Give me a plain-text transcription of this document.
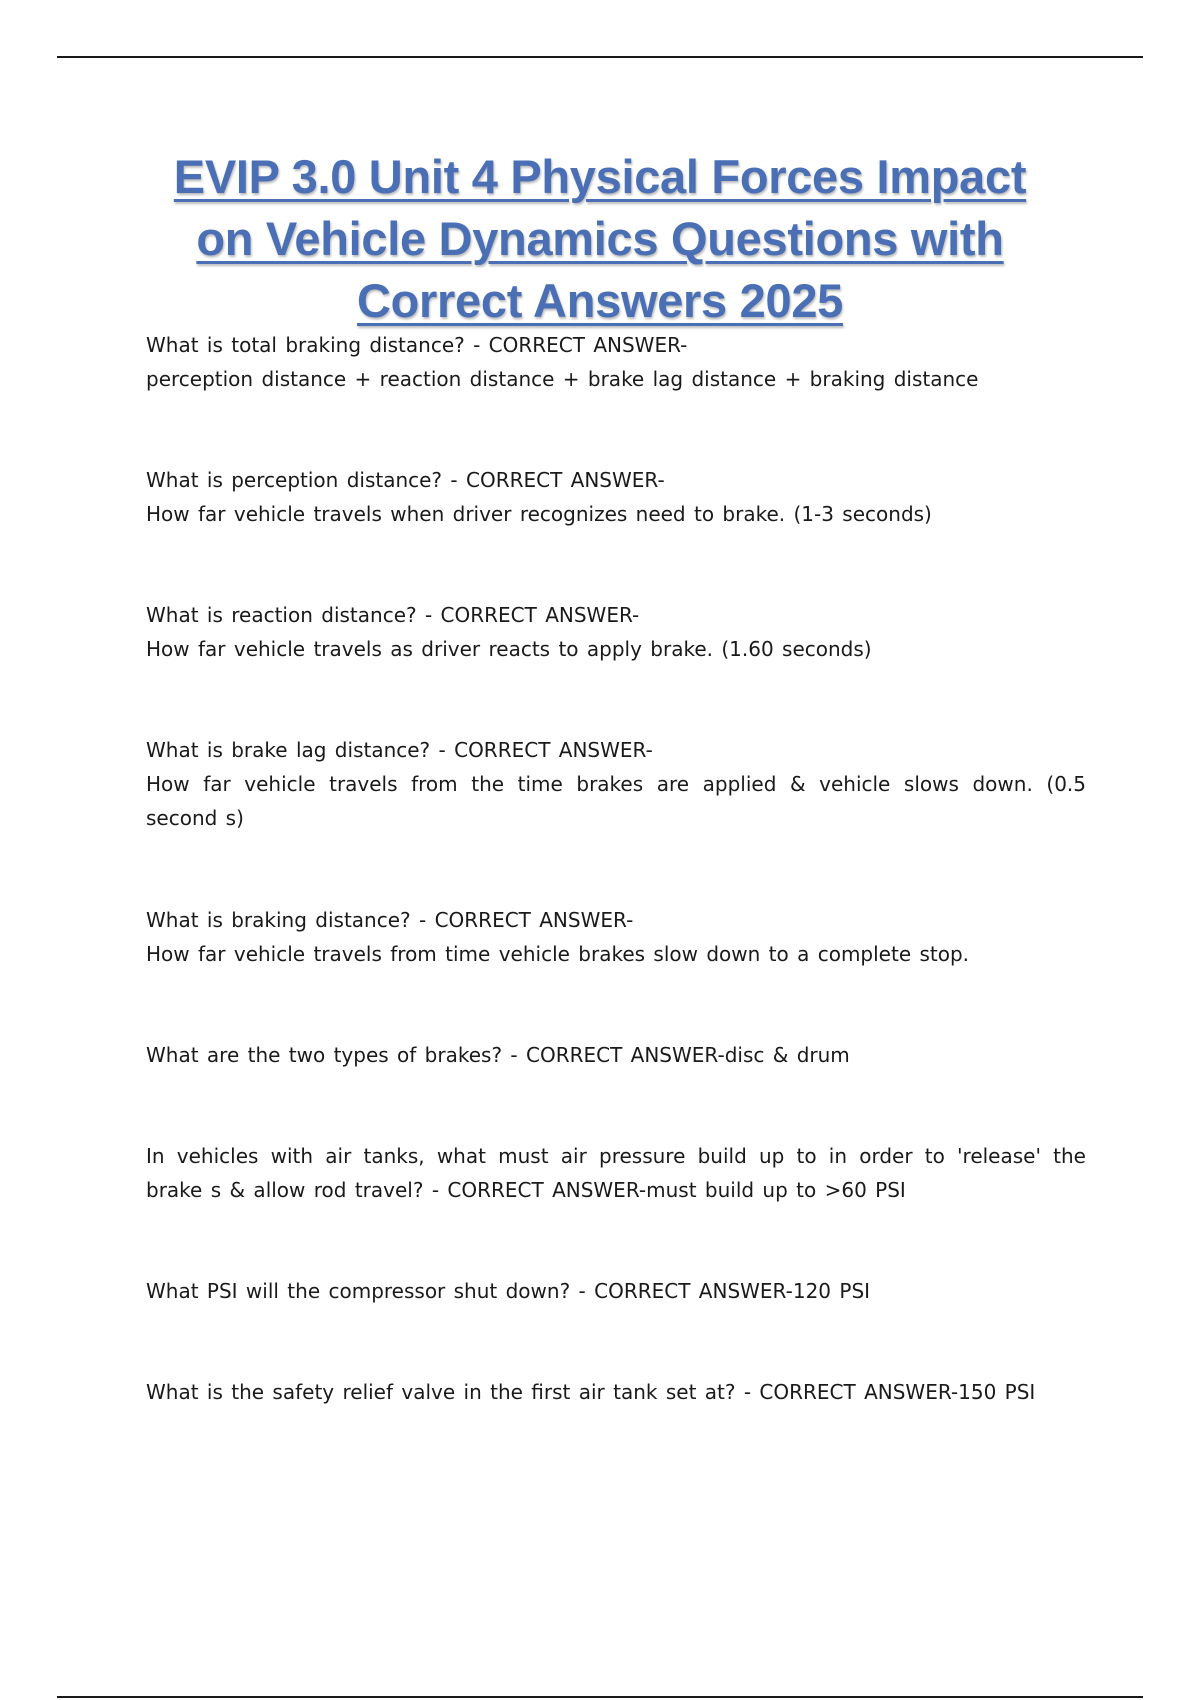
EVIP 3.0 Unit 4 Physical Forces Impact
on Vehicle Dynamics Questions with
Correct Answers 2025

What is total braking distance? - CORRECT ANSWER-

perception distance + reaction distance + brake lag distance + braking distance

What is perception distance? - CORRECT ANSWER-

How far vehicle travels when driver recognizes need to brake. (1-3 seconds)

What is reaction distance? - CORRECT ANSWER-

How far vehicle travels as driver reacts to apply brake. (1.60 seconds)

What is brake lag distance? - CORRECT ANSWER-

How far vehicle travels from the time brakes are applied & vehicle slows down. (0.5 second s)

What is braking distance? - CORRECT ANSWER-

How far vehicle travels from time vehicle brakes slow down to a complete stop.

What are the two types of brakes? - CORRECT ANSWER-disc & drum

In vehicles with air tanks, what must air pressure build up to in order to 'release' the brake s & allow rod travel? - CORRECT ANSWER-must build up to >60 PSI

What PSI will the compressor shut down? - CORRECT ANSWER-120 PSI

What is the safety relief valve in the first air tank set at? - CORRECT ANSWER-150 PSI
